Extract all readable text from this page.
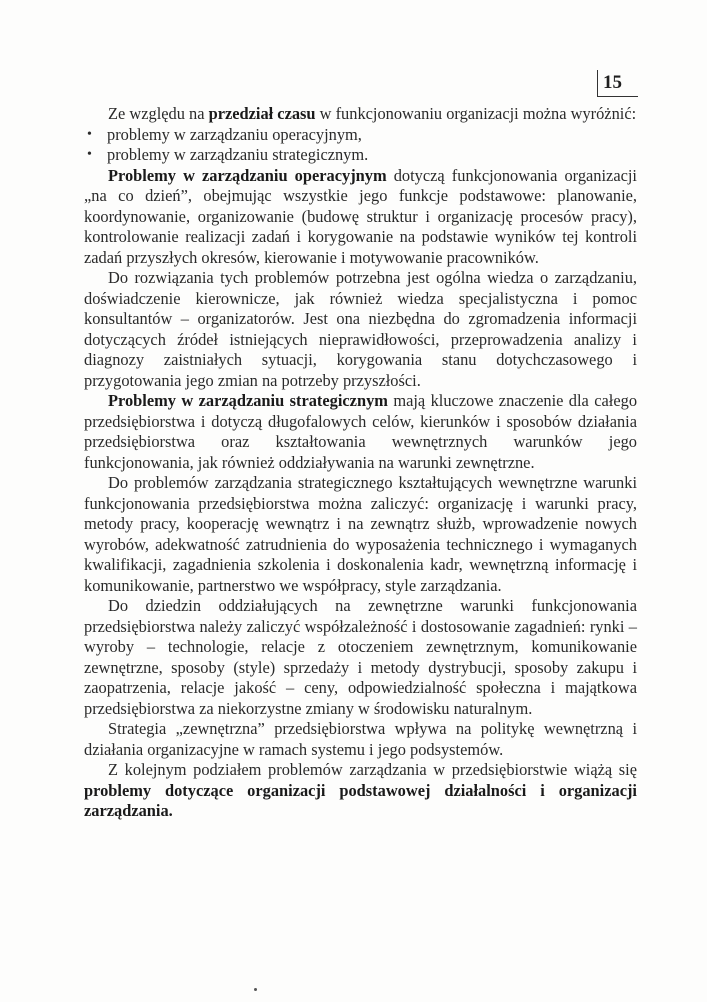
15

Ze względu na przedział czasu w funkcjonowaniu organizacji można wyróżnić:

• problemy w zarządzaniu operacyjnym,
• problemy w zarządzaniu strategicznym.

Problemy w zarządzaniu operacyjnym dotyczą funkcjonowania organizacji „na co dzień”, obejmując wszystkie jego funkcje podstawowe: planowanie, koordynowanie, organizowanie (budowę struktur i organizację procesów pracy), kontrolowanie realizacji zadań i korygowanie na podstawie wyników tej kontroli zadań przyszłych okresów, kierowanie i motywowanie pracowników.

Do rozwiązania tych problemów potrzebna jest ogólna wiedza o zarządzaniu, doświadczenie kierownicze, jak również wiedza specjalistyczna i pomoc konsultantów – organizatorów. Jest ona niezbędna do zgromadzenia informacji dotyczących źródeł istniejących nieprawidłowości, przeprowadzenia analizy i diagnozy zaistniałych sytuacji, korygowania stanu dotychczasowego i przygotowania jego zmian na potrzeby przyszłości.

Problemy w zarządzaniu strategicznym mają kluczowe znaczenie dla całego przedsiębiorstwa i dotyczą długofalowych celów, kierunków i sposobów działania przedsiębiorstwa oraz kształtowania wewnętrznych warunków jego funkcjonowania, jak również oddziaływania na warunki zewnętrzne.

Do problemów zarządzania strategicznego kształtujących wewnętrzne warunki funkcjonowania przedsiębiorstwa można zaliczyć: organizację i warunki pracy, metody pracy, kooperację wewnątrz i na zewnątrz służb, wprowadzenie nowych wyrobów, adekwatność zatrudnienia do wyposażenia technicznego i wymaganych kwalifikacji, zagadnienia szkolenia i doskonalenia kadr, wewnętrzną informację i komunikowanie, partnerstwo we współpracy, style zarządzania.

Do dziedzin oddziałujących na zewnętrzne warunki funkcjonowania przedsiębiorstwa należy zaliczyć współzależność i dostosowanie zagadnień: rynki – wyroby – technologie, relacje z otoczeniem zewnętrznym, komunikowanie zewnętrzne, sposoby (style) sprzedaży i metody dystrybucji, sposoby zakupu i zaopatrzenia, relacje jakość – ceny, odpowiedzialność społeczna i majątkowa przedsiębiorstwa za niekorzystne zmiany w środowisku naturalnym.

Strategia „zewnętrzna” przedsiębiorstwa wpływa na politykę wewnętrzną i działania organizacyjne w ramach systemu i jego podsystemów.

Z kolejnym podziałem problemów zarządzania w przedsiębiorstwie wiążą się problemy dotyczące organizacji podstawowej działalności i organizacji zarządzania.
